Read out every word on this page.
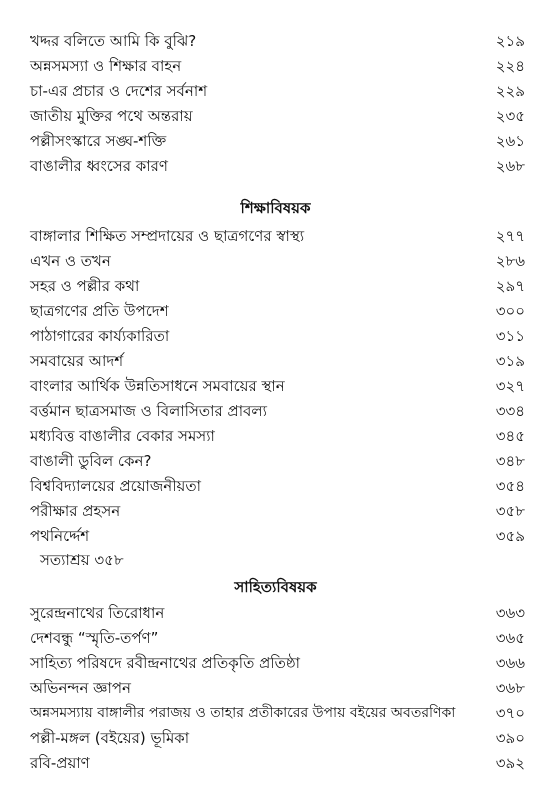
খদ্দর বলিতে আমি কি বুঝি?	২১৯
অন্নসমস্যা ও শিক্ষার বাহন	২২৪
চা-এর প্রচার ও দেশের সর্বনাশ	২২৯
জাতীয় মুক্তির পথে অন্তরায়	২৩৫
পল্লীসংস্কারে সঙ্ঘ-শক্তি	২৬১
বাঙালীর ধ্বংসের কারণ	২৬৮
শিক্ষাবিষয়ক
বাঙ্গালার শিক্ষিত সম্প্রদায়ের ও ছাত্রগণের স্বাস্থ্য	২৭৭
এখন ও তখন	২৮৬
সহর ও পল্লীর কথা	২৯৭
ছাত্রগণের প্রতি উপদেশ	৩০০
পাঠাগারের কার্য্যকারিতা	৩১১
সমবায়ের আদর্শ	৩১৯
বাংলার আর্থিক উন্নতিসাধনে সমবায়ের স্থান	৩২৭
বর্ত্তমান ছাত্রসমাজ ও বিলাসিতার প্রাবল্য	৩৩৪
মধ্যবিত্ত বাঙালীর বেকার সমস্যা	৩৪৫
বাঙালী ডুবিল কেন?	৩৪৮
বিশ্ববিদ্যালয়ের প্রয়োজনীয়তা	৩৫৪
পরীক্ষার প্রহসন	৩৫৮
পথনির্দ্দেশ	৩৫৯
সত্যাশ্রয় ৩৫৮
সাহিত্যবিষয়ক
সুরেন্দ্রনাথের তিরোধান	৩৬৩
দেশবন্ধু “স্মৃতি-তর্পণ”	৩৬৫
সাহিত্য পরিষদে রবীন্দ্রনাথের প্রতিকৃতি প্রতিষ্ঠা	৩৬৬
অভিনন্দন জ্ঞাপন	৩৬৮
অন্নসমস্যায় বাঙ্গালীর পরাজয় ও তাহার প্রতীকারের উপায় বইয়ের অবতরণিকা	৩৭০
পল্লী-মঙ্গল (বইয়ের) ভূমিকা	৩৯০
রবি-প্রয়াণ	৩৯২
